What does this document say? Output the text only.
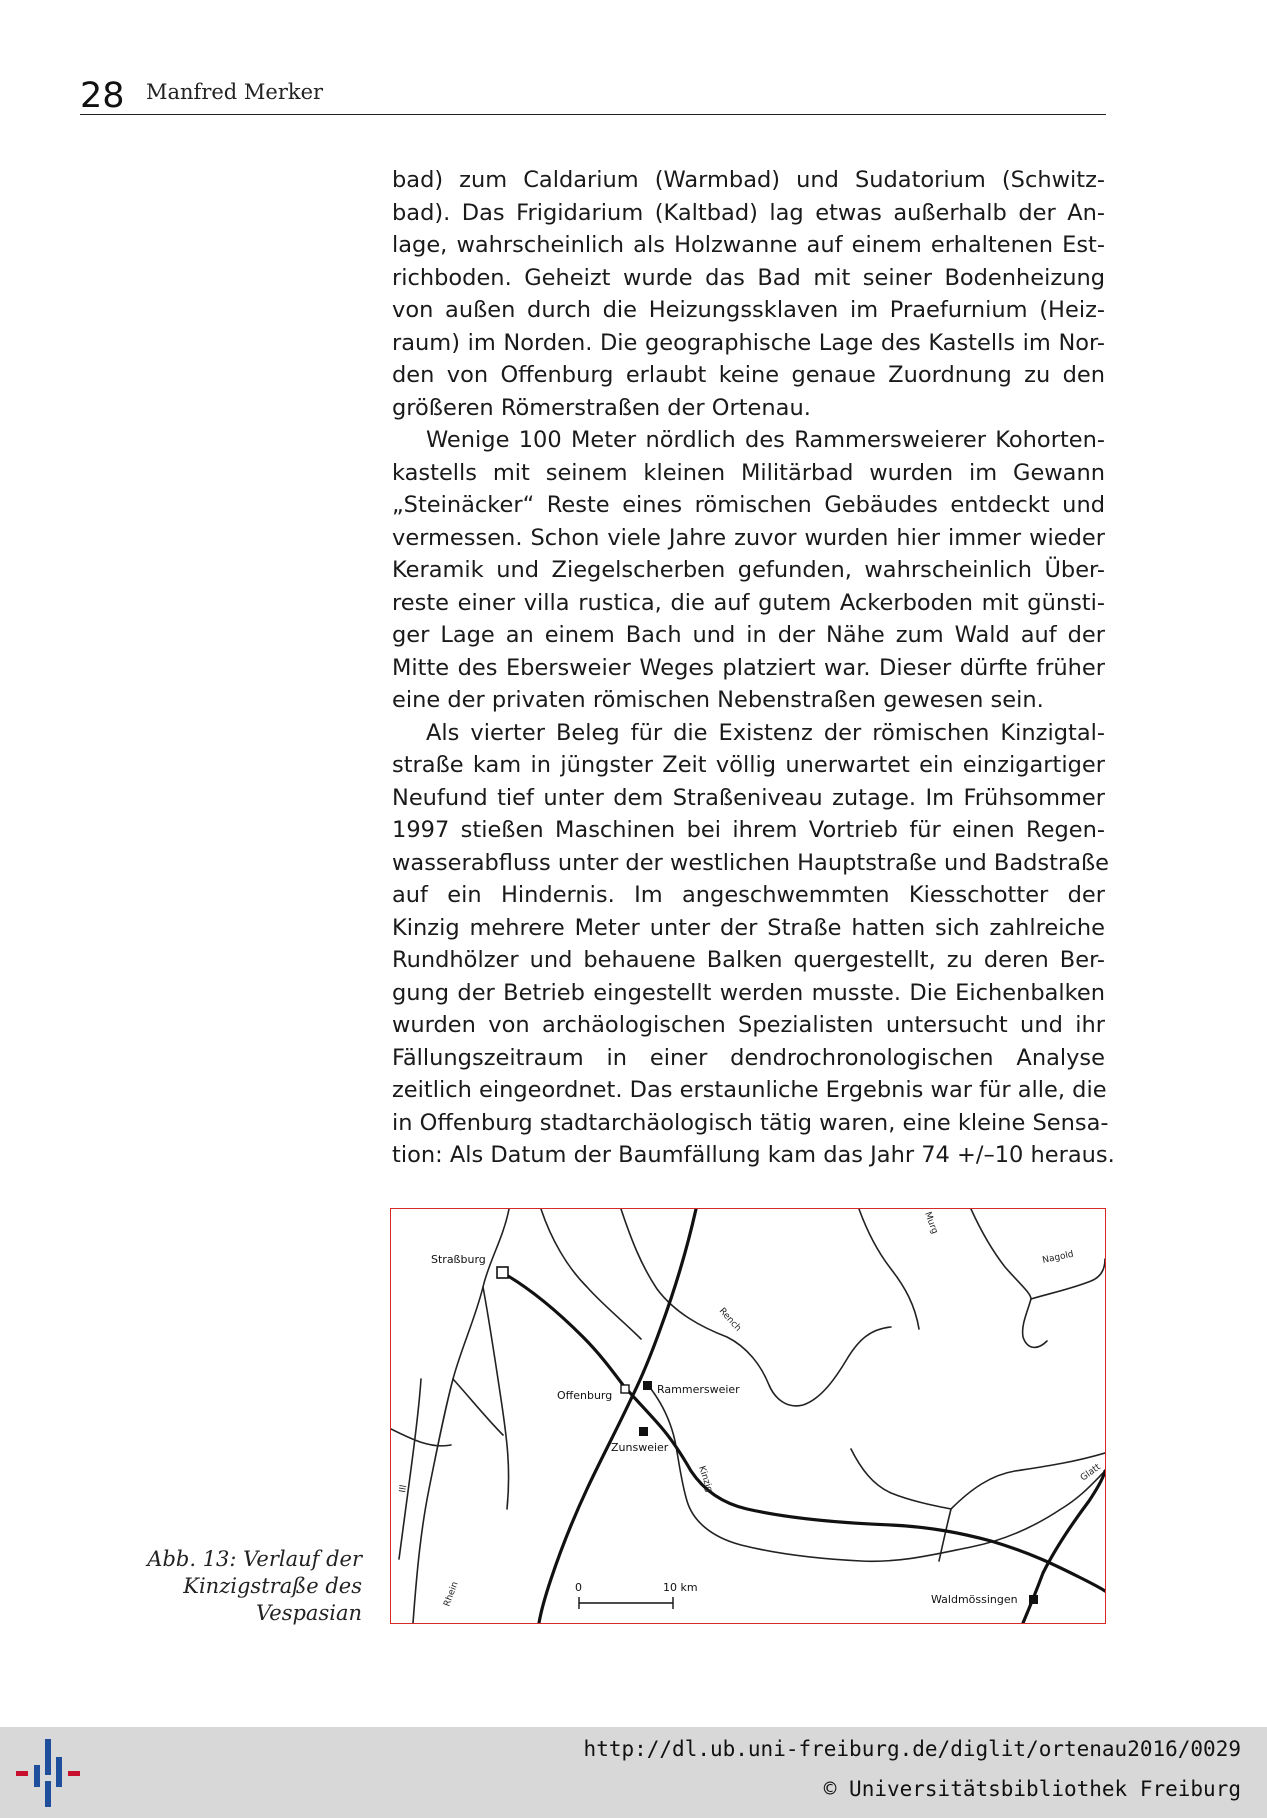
28 Manfred Merker
bad) zum Caldarium (Warmbad) und Sudatorium (Schwitz-
bad). Das Frigidarium (Kaltbad) lag etwas außerhalb der An-
lage, wahrscheinlich als Holzwanne auf einem erhaltenen Est-
richboden. Geheizt wurde das Bad mit seiner Bodenheizung
von außen durch die Heizungssklaven im Praefurnium (Heiz-
raum) im Norden. Die geographische Lage des Kastells im Nor-
den von Offenburg erlaubt keine genaue Zuordnung zu den
größeren Römerstraßen der Ortenau.
Wenige 100 Meter nördlich des Rammersweierer Kohorten-
kastells mit seinem kleinen Militärbad wurden im Gewann
„Steinäcker“ Reste eines römischen Gebäudes entdeckt und
vermessen. Schon viele Jahre zuvor wurden hier immer wieder
Keramik und Ziegelscherben gefunden, wahrscheinlich Über-
reste einer villa rustica, die auf gutem Ackerboden mit günsti-
ger Lage an einem Bach und in der Nähe zum Wald auf der
Mitte des Ebersweier Weges platziert war. Dieser dürfte früher
eine der privaten römischen Nebenstraßen gewesen sein.
Als vierter Beleg für die Existenz der römischen Kinzigtal-
straße kam in jüngster Zeit völlig unerwartet ein einzigartiger
Neufund tief unter dem Straßeniveau zutage. Im Frühsommer
1997 stießen Maschinen bei ihrem Vortrieb für einen Regen-
wasserabfluss unter der westlichen Hauptstraße und Badstraße
auf ein Hindernis. Im angeschwemmten Kiesschotter der
Kinzig mehrere Meter unter der Straße hatten sich zahlreiche
Rundhölzer und behauene Balken quergestellt, zu deren Ber-
gung der Betrieb eingestellt werden musste. Die Eichenbalken
wurden von archäologischen Spezialisten untersucht und ihr
Fällungszeitraum in einer dendrochronologischen Analyse
zeitlich eingeordnet. Das erstaunliche Ergebnis war für alle, die
in Offenburg stadtarchäologisch tätig waren, eine kleine Sensa-
tion: Als Datum der Baumfällung kam das Jahr 74 +/–10 heraus.
Straßburg
Offenburg	Rammersweier
Zunsweier
Waldmössingen
Murg
Nagold
Rench
Kinzig	Glatt
Ill
Rhein	0	10 km
Abb. 13: Verlauf der
Kinzigstraße des
Vespasian
http://dl.ub.uni-freiburg.de/diglit/ortenau2016/0029
© Universitätsbibliothek Freiburg
